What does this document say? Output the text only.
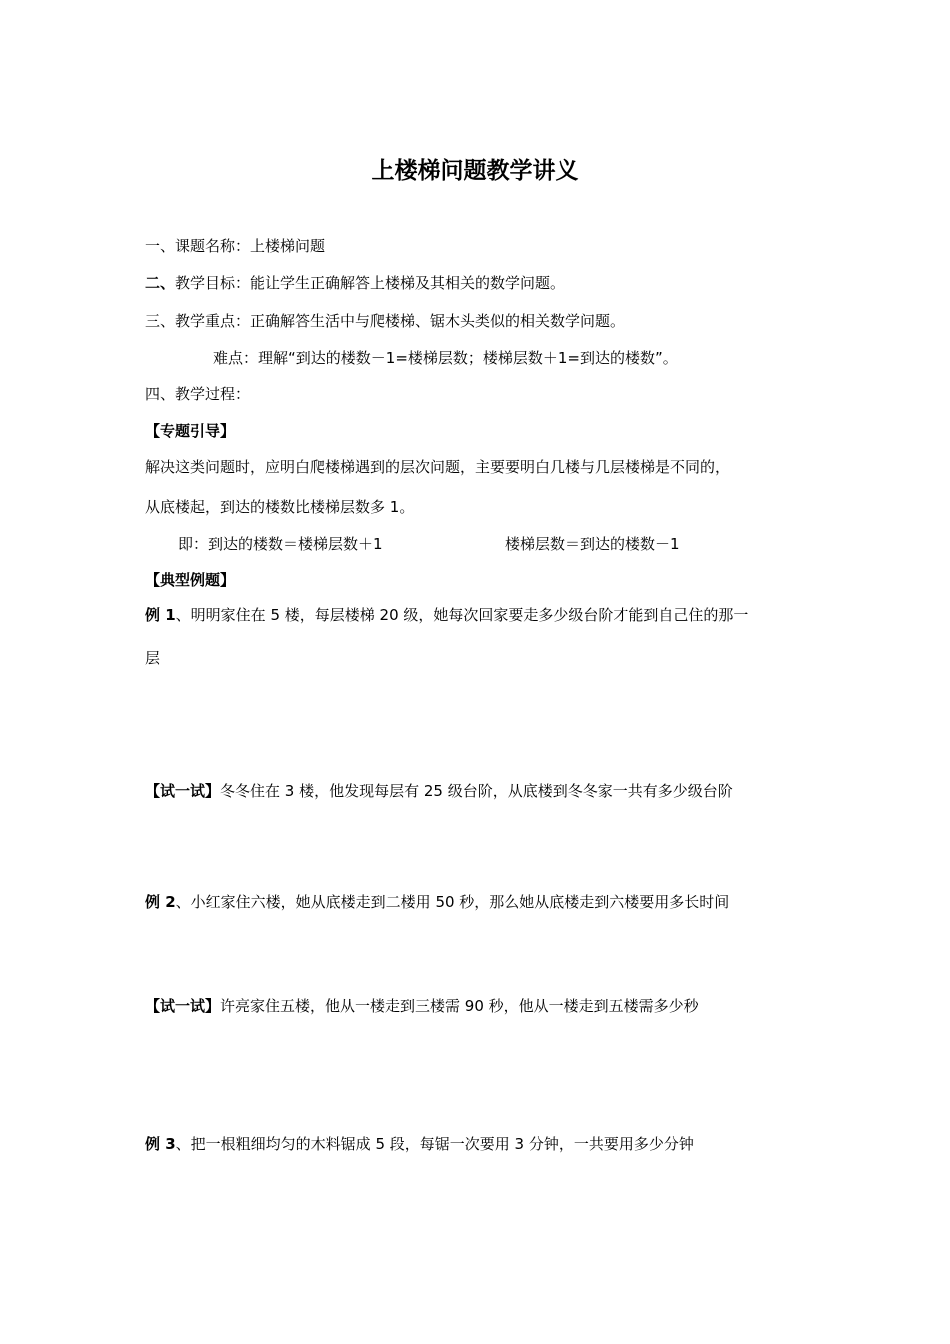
上楼梯问题教学讲义
一、课题名称：上楼梯问题
二、教学目标：能让学生正确解答上楼梯及其相关的数学问题。
三、教学重点：正确解答生活中与爬楼梯、锯木头类似的相关数学问题。
难点：理解“到达的楼数－1=楼梯层数；楼梯层数＋1=到达的楼数”。
四、教学过程：
【专题引导】
解决这类问题时，应明白爬楼梯遇到的层次问题，主要要明白几楼与几层楼梯是不同的，
从底楼起，到达的楼数比楼梯层数多 1。
即：到达的楼数＝楼梯层数＋1	楼梯层数＝到达的楼数－1
【典型例题】
例 1、明明家住在 5 楼，每层楼梯 20 级，她每次回家要走多少级台阶才能到自己住的那一
层
【试一试】冬冬住在 3 楼，他发现每层有 25 级台阶，从底楼到冬冬家一共有多少级台阶
例 2、小红家住六楼，她从底楼走到二楼用 50 秒，那么她从底楼走到六楼要用多长时间
【试一试】许亮家住五楼，他从一楼走到三楼需 90 秒，他从一楼走到五楼需多少秒
例 3、把一根粗细均匀的木料锯成 5 段，每锯一次要用 3 分钟，一共要用多少分钟
